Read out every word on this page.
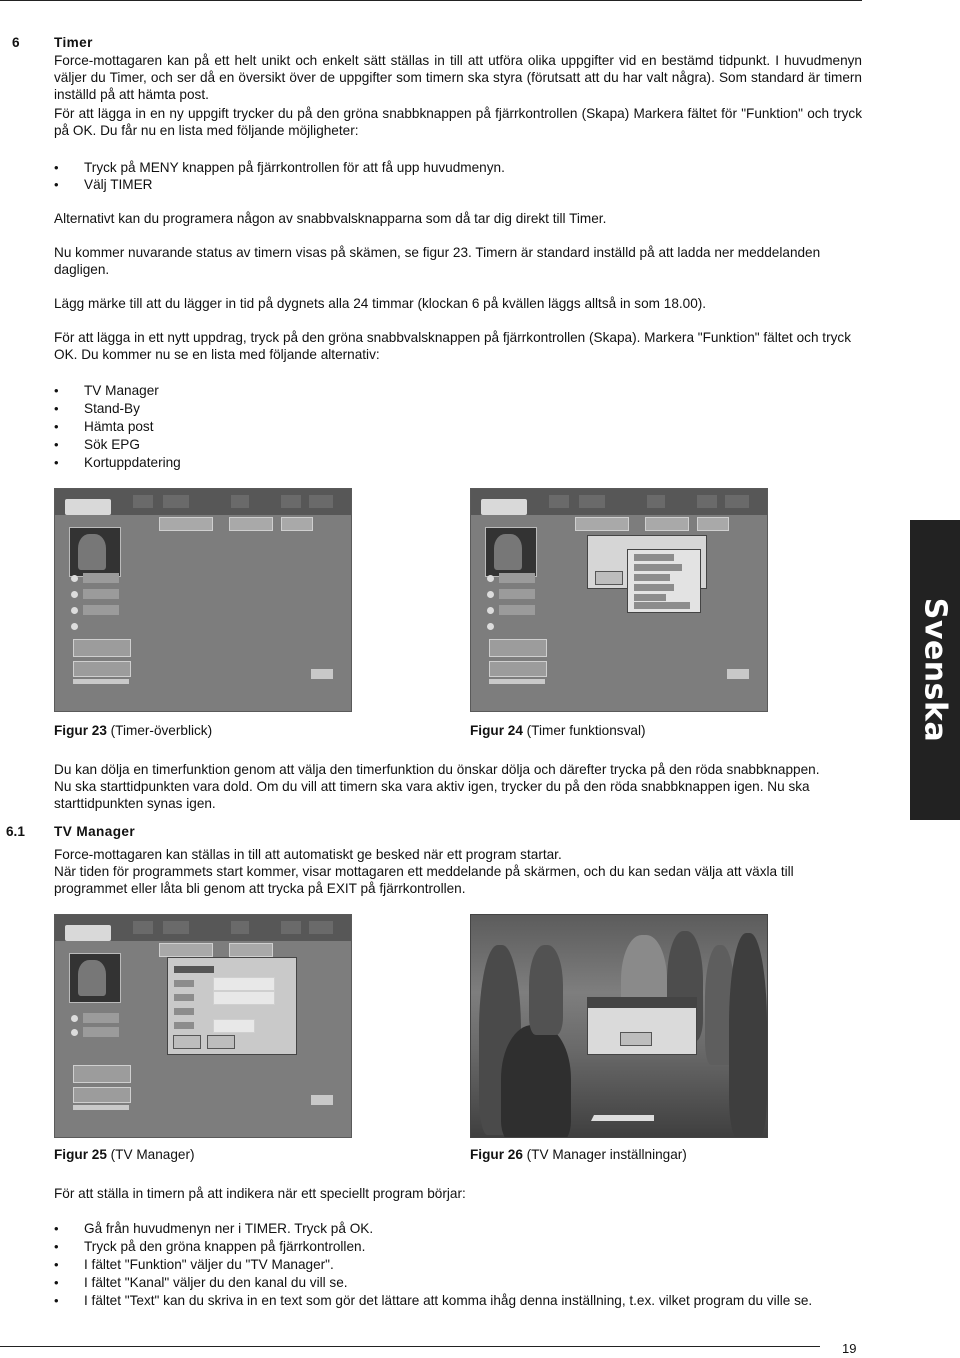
6	Timer

Force-mottagaren kan på ett helt unikt och enkelt sätt ställas in till att utföra olika uppgifter vid en bestämd tidpunkt. I huvudmenyn väljer du Timer, och ser då en översikt över de uppgifter som timern ska styra (förutsatt att du har valt några). Som standard är timern inställd på att hämta post.

För att lägga in en ny uppgift trycker du på den gröna snabbknappen på fjärrkontrollen (Skapa) Markera fältet för "Funktion" och tryck på OK. Du får nu en lista med följande möjligheter:

• Tryck på MENY knappen på fjärrkontrollen för att få upp huvudmenyn.
• Välj TIMER

Alternativt kan du programera någon av snabbvalsknapparna som då tar dig direkt till Timer.

Nu kommer nuvarande status av timern visas på skämen, se figur 23. Timern är standard inställd på att ladda ner meddelanden dagligen.

Lägg märke till att du lägger in tid på dygnets alla 24 timmar (klockan 6 på kvällen läggs alltså in som 18.00).

För att lägga in ett nytt uppdrag, tryck på den gröna snabbvalsknappen på fjärrkontrollen (Skapa). Markera "Funktion" fältet och tryck OK. Du kommer nu se en lista med följande alternativ:

• TV Manager
• Stand-By
• Hämta post
• Sök EPG
• Kortuppdatering
Figur 23 (Timer-överblick)	Figur 24 (Timer funktionsval)

Du kan dölja en timerfunktion genom att välja den timerfunktion du önskar dölja och därefter trycka på den röda snabbknappen. Nu ska starttidpunkten vara dold. Om du vill att timern ska vara aktiv igen, trycker du på den röda snabbknappen igen. Nu ska starttidpunkten synas igen.

6.1 TV Manager

Force-mottagaren kan ställas in till att automatiskt ge besked när ett program startar.
När tiden för programmets start kommer, visar mottagaren ett meddelande på skärmen, och du kan sedan välja att växla till programmet eller låta bli genom att trycka på EXIT på fjärrkontrollen.

Figur 25 (TV Manager)	Figur 26 (TV Manager inställningar)

För att ställa in timern på att indikera när ett speciellt program börjar:

• Gå från huvudmenyn ner i TIMER. Tryck på OK.
• Tryck på den gröna knappen på fjärrkontrollen.
• I fältet "Funktion" väljer du "TV Manager".
• I fältet "Kanal" väljer du den kanal du vill se.
• I fältet "Text" kan du skriva in en text som gör det lättare att komma ihåg denna inställning, t.ex. vilket program du ville se.
Svenska
19
